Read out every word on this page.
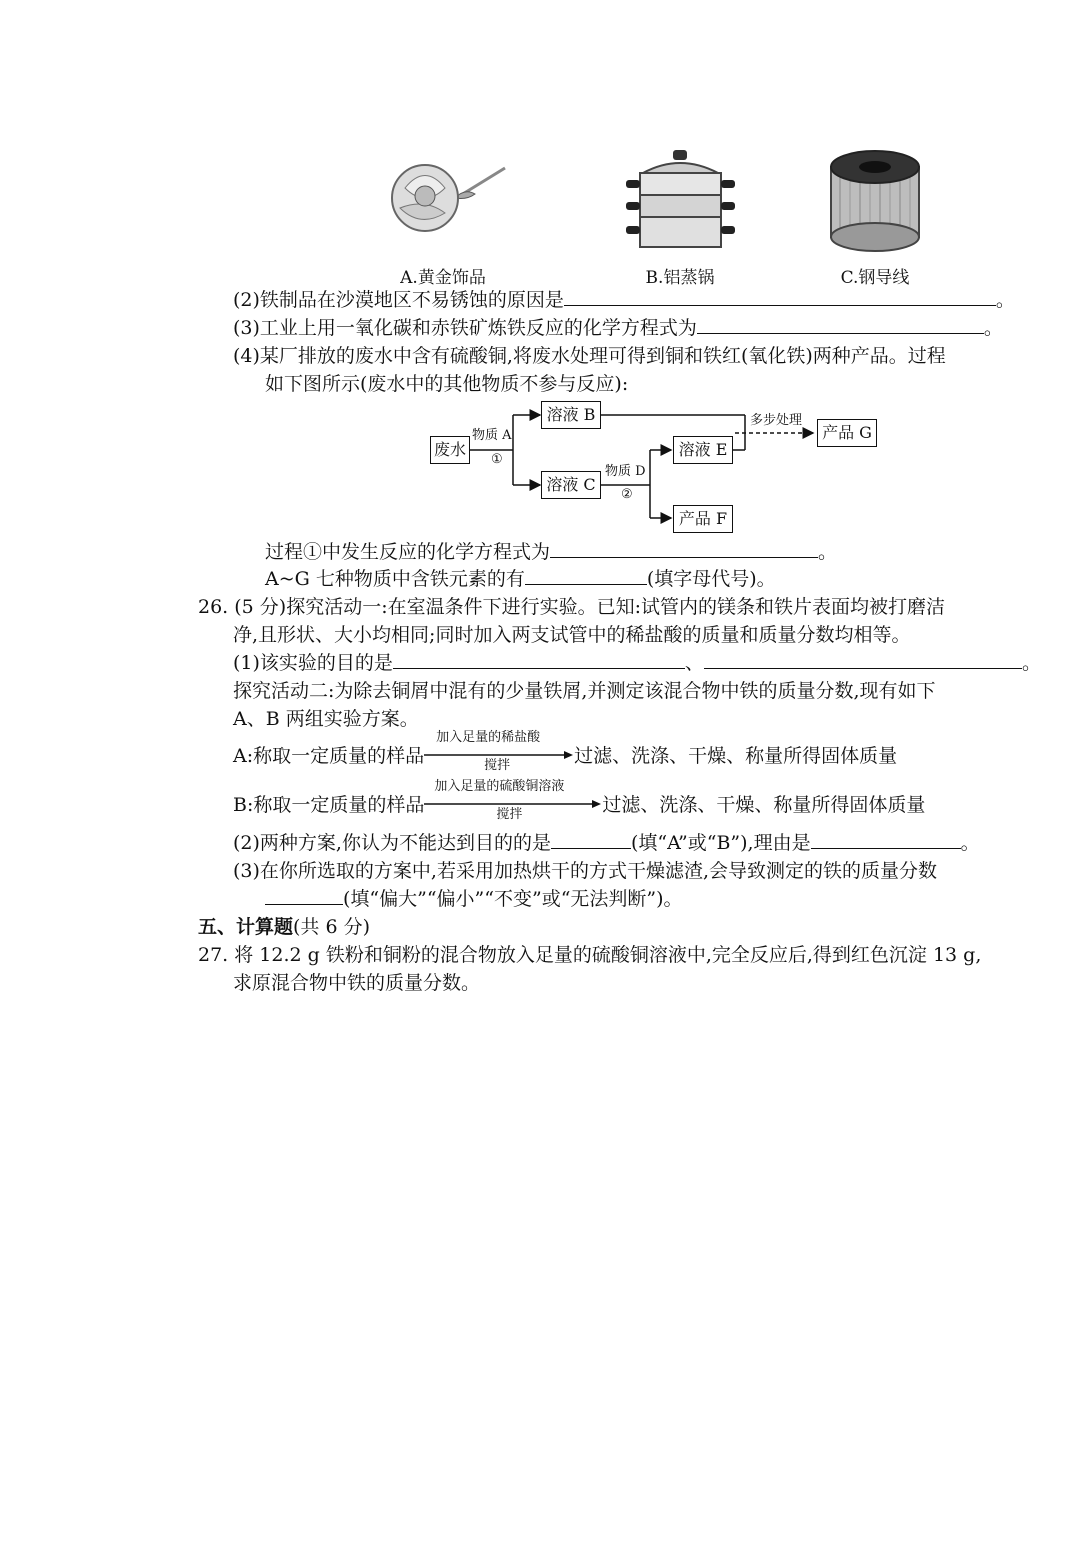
A.黄金饰品	B.铝蒸锅	C.钢导线
(2)铁制品在沙漠地区不易锈蚀的原因是	。
(3)工业上用一氧化碳和赤铁矿炼铁反应的化学方程式为	。
(4)某厂排放的废水中含有硫酸铜,将废水处理可得到铜和铁红(氧化铁)两种产品。过程
如下图所示(废水中的其他物质不参与反应):
废水
物质 A
①
溶液 B
溶液 C
物质 D
②
溶液 E
产品 F
多步处理
产品 G
过程①中发生反应的化学方程式为	。
A~G 七种物质中含铁元素的有	(填字母代号)。
26. (5 分)探究活动一:在室温条件下进行实验。已知:试管内的镁条和铁片表面均被打磨洁
净,且形状、大小均相同;同时加入两支试管中的稀盐酸的质量和质量分数均相等。
(1)该实验的目的是	、	。
探究活动二:为除去铜屑中混有的少量铁屑,并测定该混合物中铁的质量分数,现有如下
A、B 两组实验方案。
A:称取一定质量的样品
加入足量的稀盐酸
搅拌	过滤、洗涤、干燥、称量所得固体质量
B:称取一定质量的样品
加入足量的硫酸铜溶液
搅拌	过滤、洗涤、干燥、称量所得固体质量
(2)两种方案,你认为不能达到目的的是	(填“A”或“B”),理由是	。
(3)在你所选取的方案中,若采用加热烘干的方式干燥滤渣,会导致测定的铁的质量分数
(填“偏大”“偏小”“不变”或“无法判断”)。
五、计算题(共 6 分)
27. 将 12.2 g 铁粉和铜粉的混合物放入足量的硫酸铜溶液中,完全反应后,得到红色沉淀 13 g,
求原混合物中铁的质量分数。
